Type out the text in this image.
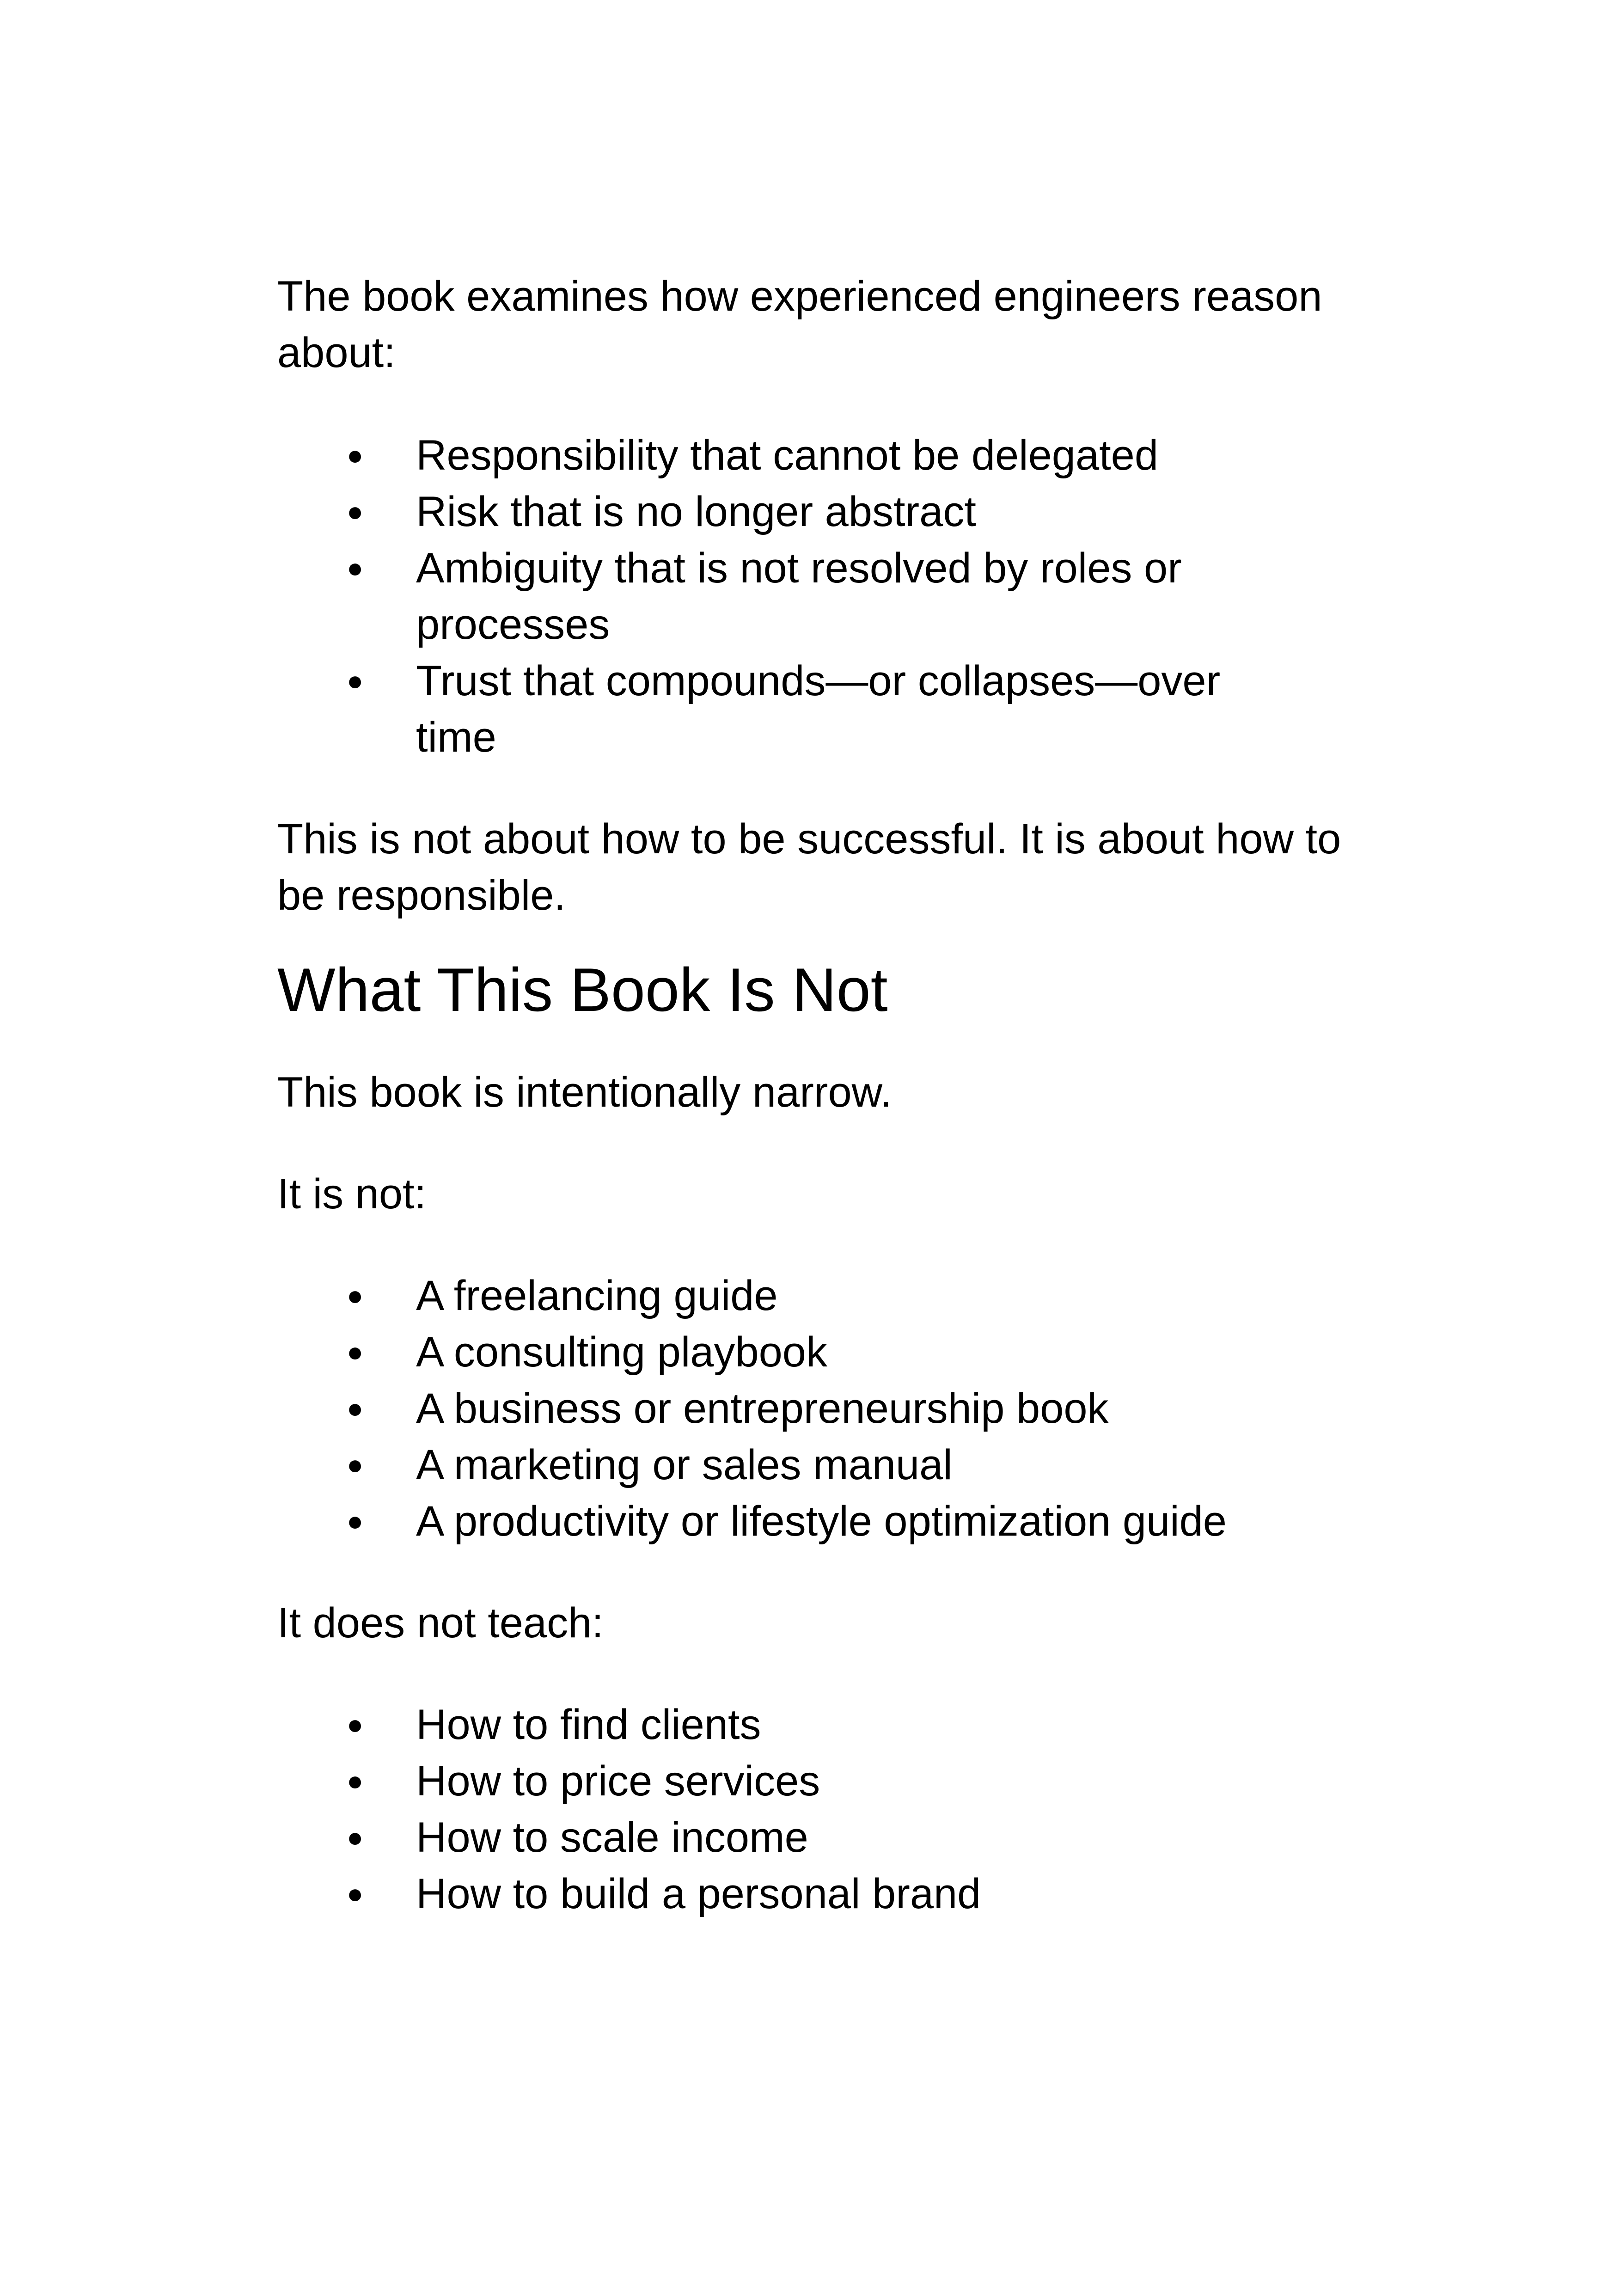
The book examines how experienced engineers reason about:

● Responsibility that cannot be delegated
● Risk that is no longer abstract
● Ambiguity that is not resolved by roles or processes
● Trust that compounds—or collapses—over time

This is not about how to be successful. It is about how to be responsible.

What This Book Is Not

This book is intentionally narrow.

It is not:

● A freelancing guide
● A consulting playbook
● A business or entrepreneurship book
● A marketing or sales manual
● A productivity or lifestyle optimization guide

It does not teach:

● How to find clients
● How to price services
● How to scale income
● How to build a personal brand
